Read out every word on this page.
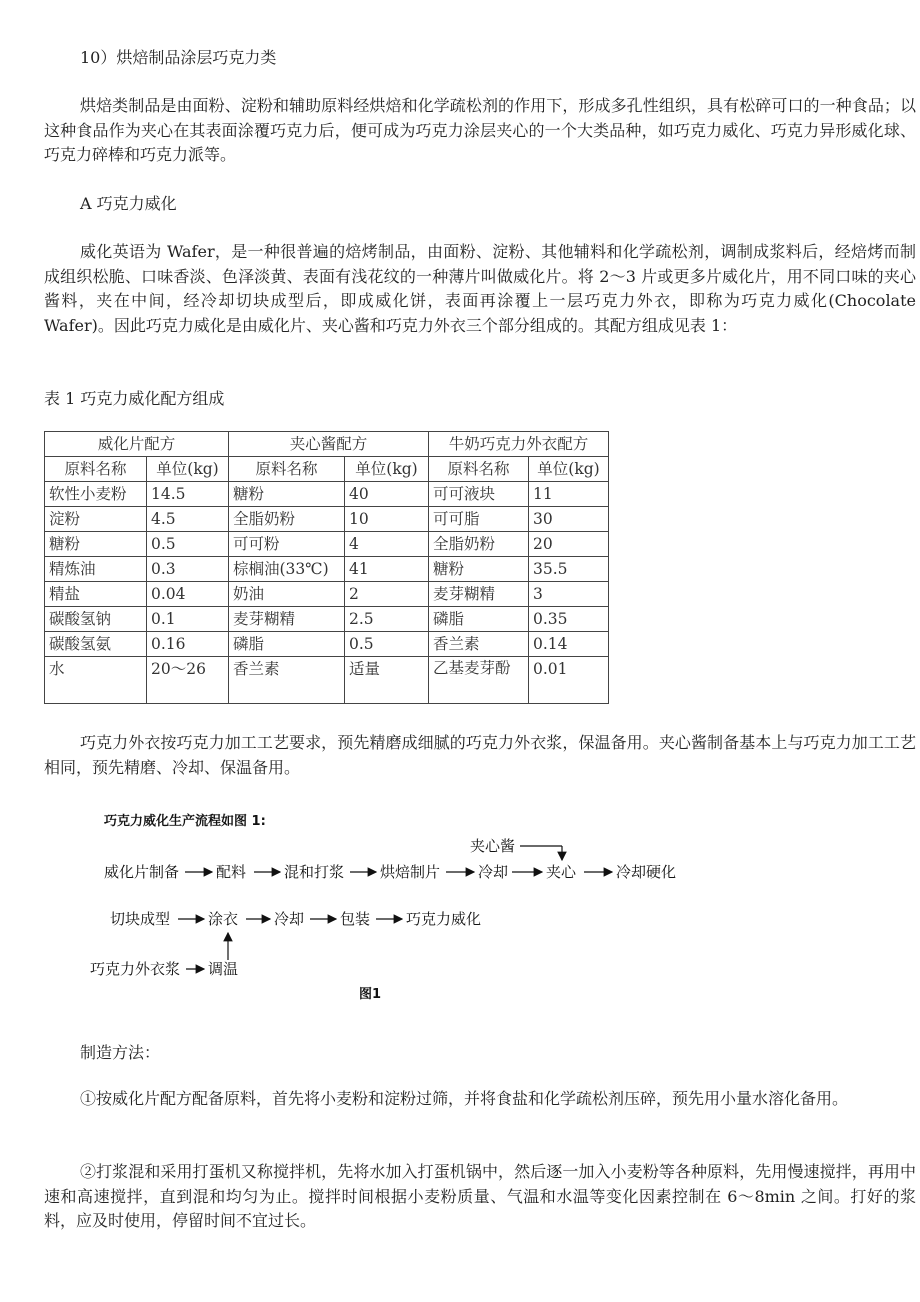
10）烘焙制品涂层巧克力类

烘焙类制品是由面粉、淀粉和辅助原料经烘焙和化学疏松剂的作用下，形成多孔性组织，具有松碎可口的一种食品；以这种食品作为夹心在其表面涂覆巧克力后，便可成为巧克力涂层夹心的一个大类品种，如巧克力威化、巧克力异形威化球、巧克力碎棒和巧克力派等。

A 巧克力威化

威化英语为 Wafer，是一种很普遍的焙烤制品，由面粉、淀粉、其他辅料和化学疏松剂，调制成浆料后，经焙烤而制成组织松脆、口味香淡、色泽淡黄、表面有浅花纹的一种薄片叫做威化片。将 2～3 片或更多片威化片，用不同口味的夹心酱料，夹在中间，经冷却切块成型后，即成威化饼，表面再涂覆上一层巧克力外衣，即称为巧克力威化(Chocolate Wafer)。因此巧克力威化是由威化片、夹心酱和巧克力外衣三个部分组成的。其配方组成见表 1：

表 1 巧克力威化配方组成
威化片配方		夹心酱配方		牛奶巧克力外衣配方	
原料名称	单位(kg)	原料名称	单位(kg)	原料名称	单位(kg)
软性小麦粉	14.5	糖粉	40	可可液块	11
淀粉	4.5	全脂奶粉	10	可可脂	30
糖粉	0.5	可可粉	4	全脂奶粉	20
精炼油	0.3	棕榈油(33℃)	41	糖粉	35.5
精盐	0.04	奶油	2	麦芽糊精	3
碳酸氢钠	0.1	麦芽糊精	2.5	磷脂	0.35
碳酸氢氨	0.16	磷脂	0.5	香兰素	0.14
水	20～26	香兰素	适量	乙基麦芽酚	0.01

巧克力外衣按巧克力加工工艺要求，预先精磨成细腻的巧克力外衣浆，保温备用。夹心酱制备基本上与巧克力加工工艺相同，预先精磨、冷却、保温备用。

巧克力威化生产流程如图 1:
夹心酱
威化片制备 配料	混和打浆 烘焙制片	冷却	夹心	冷却硬化
切块成型	涂衣 冷却 包装 巧克力威化
巧克力外衣浆 调温
图1

制造方法：

①按威化片配方配备原料，首先将小麦粉和淀粉过筛，并将食盐和化学疏松剂压碎，预先用小量水溶化备用。

②打浆混和采用打蛋机又称搅拌机，先将水加入打蛋机锅中，然后逐一加入小麦粉等各种原料，先用慢速搅拌，再用中速和高速搅拌，直到混和均匀为止。搅拌时间根据小麦粉质量、气温和水温等变化因素控制在 6～8min 之间。打好的浆料，应及时使用，停留时间不宜过长。
